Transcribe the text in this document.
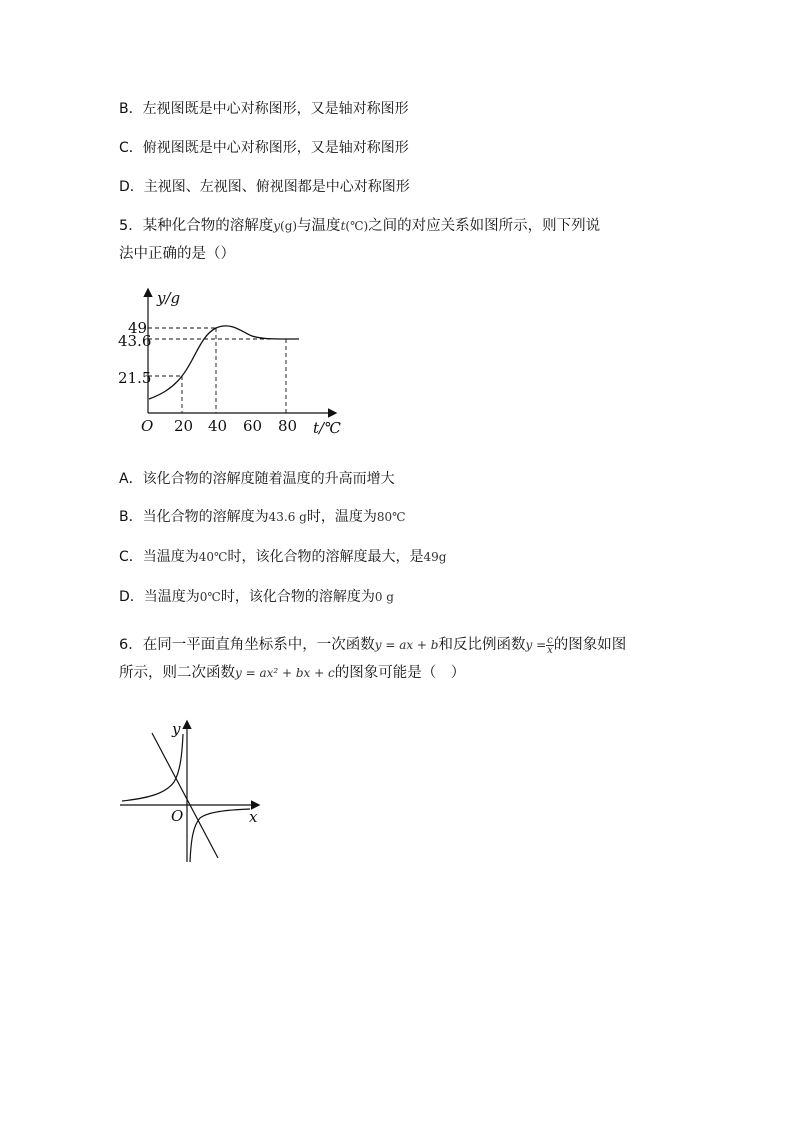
B．左视图既是中心对称图形，又是轴对称图形
C．俯视图既是中心对称图形，又是轴对称图形
D．主视图、左视图、俯视图都是中心对称图形
5．某种化合物的溶解度y(g)与温度t(℃)之间的对应关系如图所示，则下列说
法中正确的是（）
y/g
49
43.6
21.5
O 20 40 60 80 t/℃
A．该化合物的溶解度随着温度的升高而增大
B．当化合物的溶解度为43.6 g时，温度为80℃
C．当温度为40℃时，该化合物的溶解度最大，是49g
D．当温度为0℃时，该化合物的溶解度为0 g
6．在同一平面直角坐标系中，一次函数y = ax + b和反比例函数$y = \frac{c}{x}$ 的图象如图
所示，则二次函数y = ax² + bx + c的图象可能是（　）
y
x
O
